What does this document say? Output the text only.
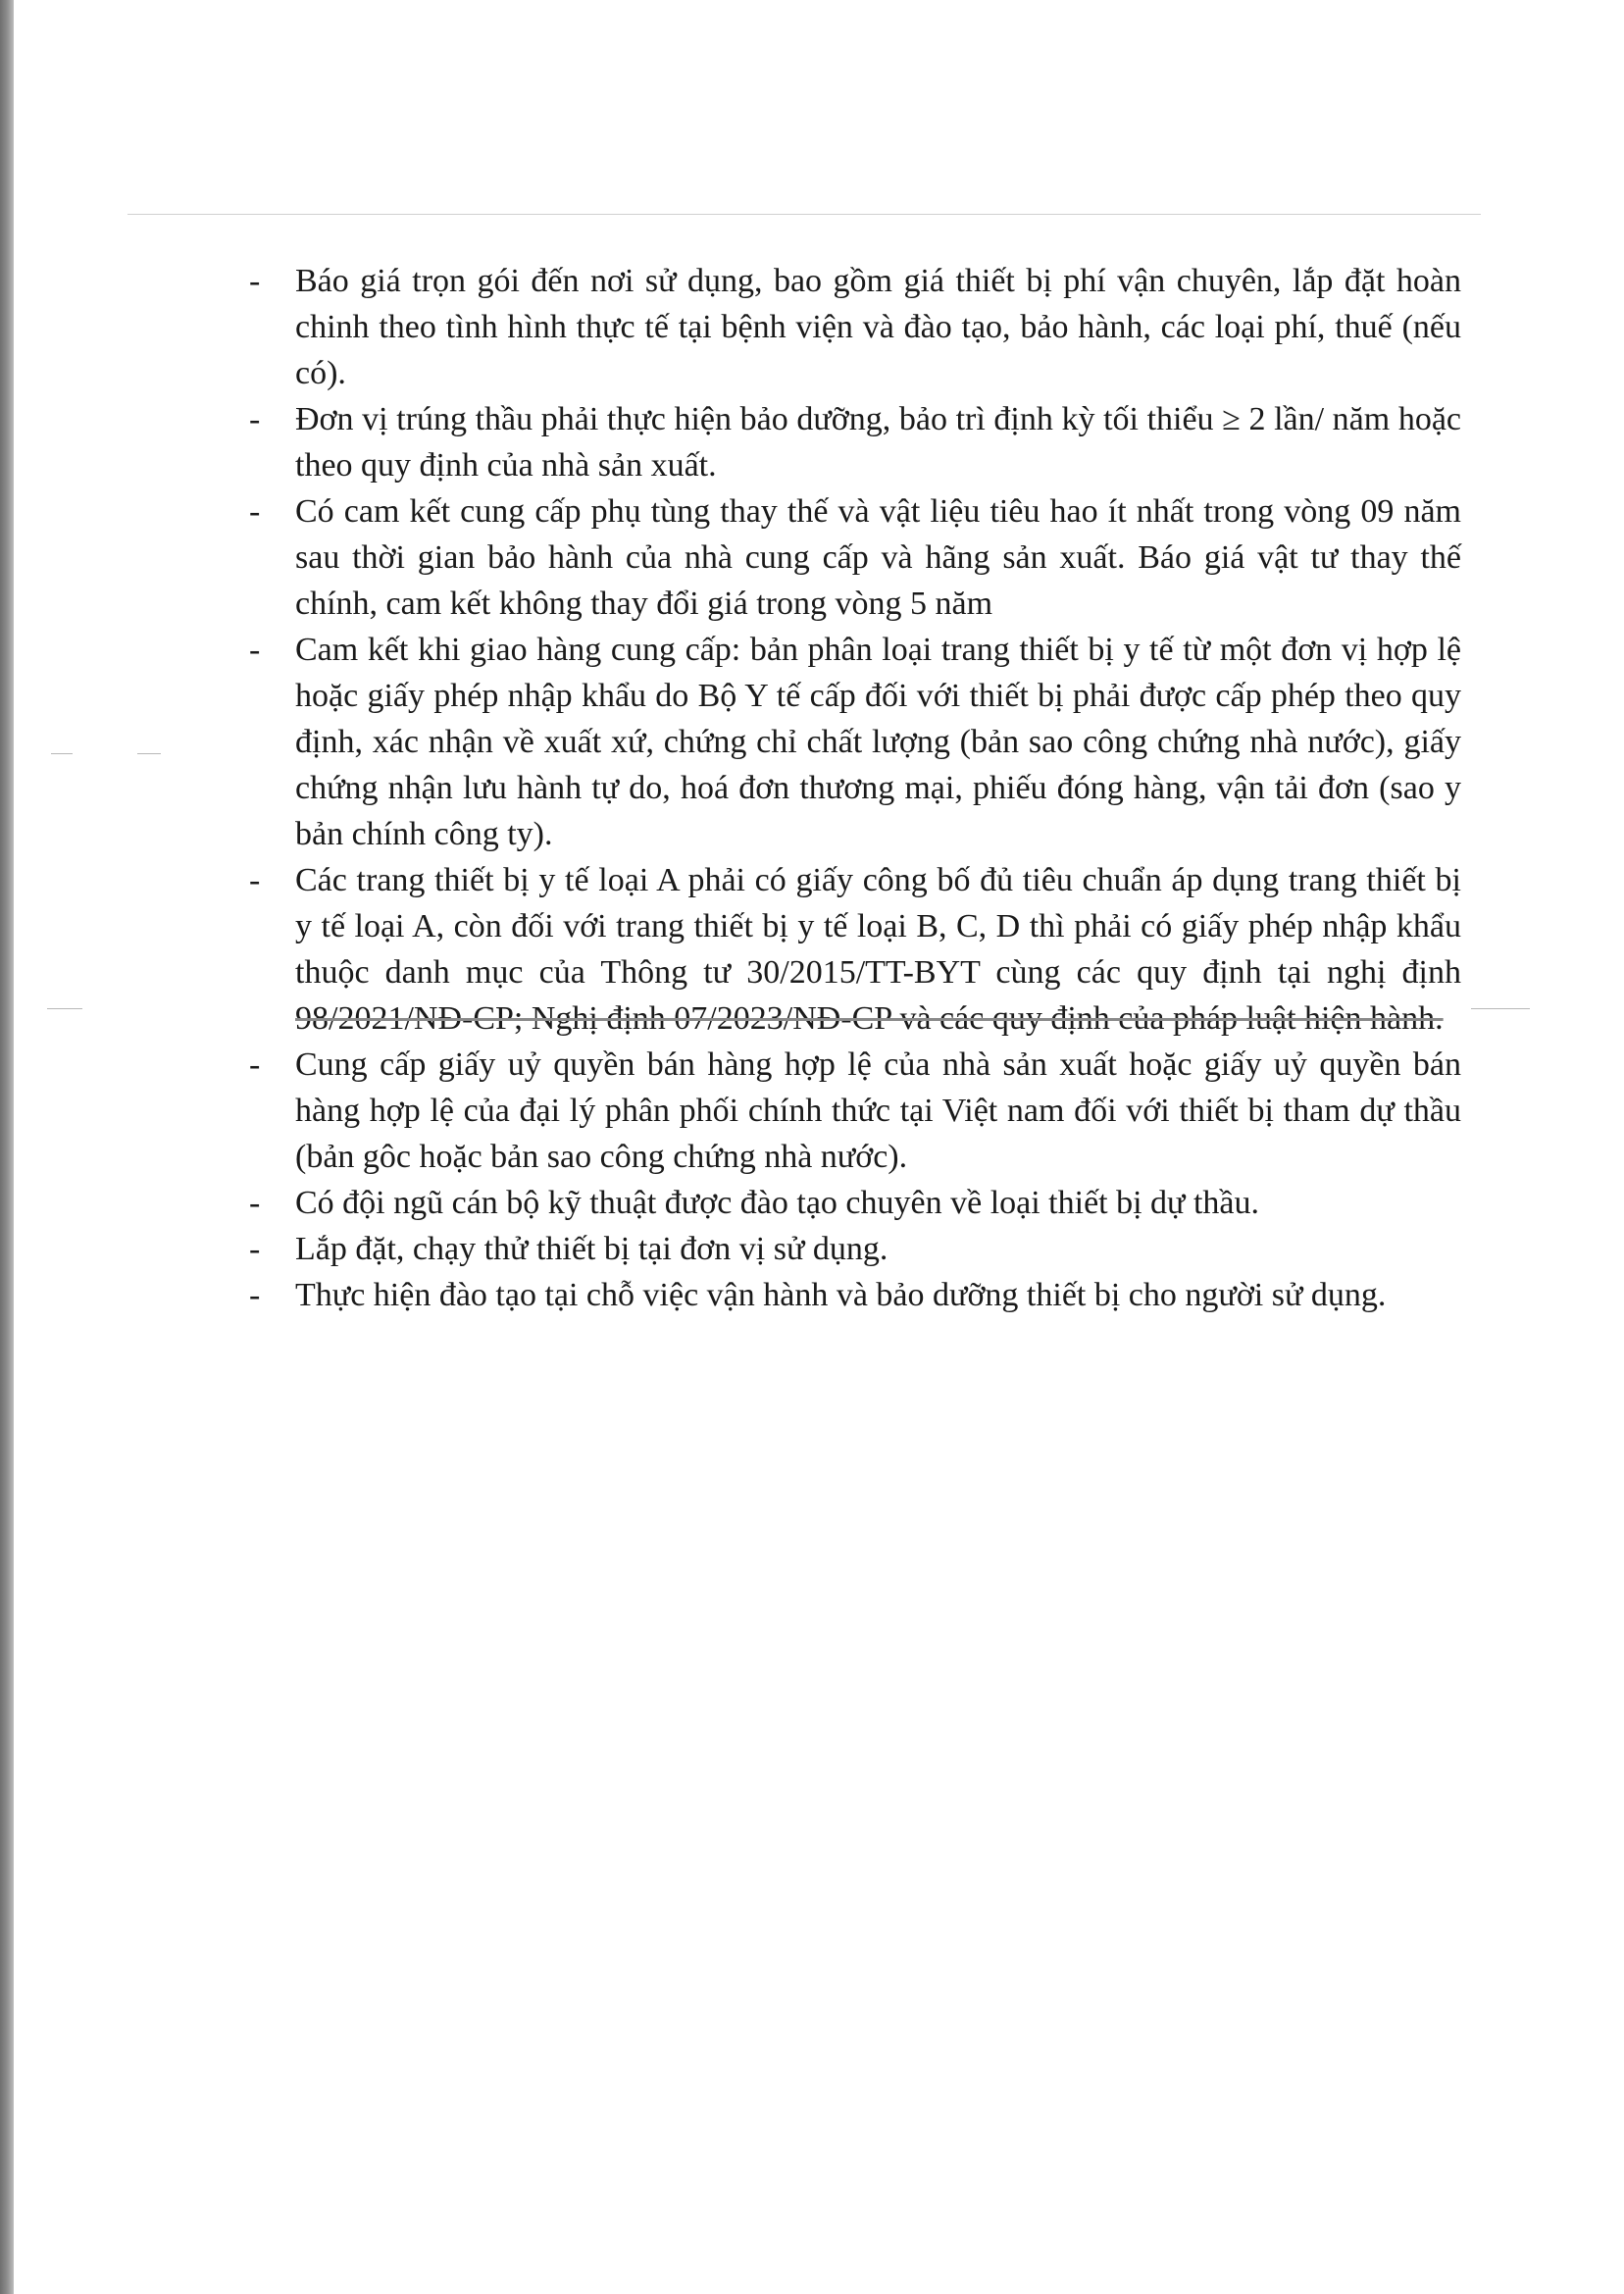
-	Báo giá trọn gói đến nơi sử dụng, bao gồm giá thiết bị phí vận chuyên, lắp đặt hoàn chinh theo tình hình thực tế tại bệnh viện và đào tạo, bảo hành, các loại phí, thuế (nếu có).
-	Đơn vị trúng thầu phải thực hiện bảo dưỡng, bảo trì định kỳ tối thiểu ≥ 2 lần/ năm hoặc theo quy định của nhà sản xuất.
-	Có cam kết cung cấp phụ tùng thay thế và vật liệu tiêu hao ít nhất trong vòng 09 năm sau thời gian bảo hành của nhà cung cấp và hãng sản xuất. Báo giá vật tư thay thế chính, cam kết không thay đổi giá trong vòng 5 năm
-	Cam kết khi giao hàng cung cấp: bản phân loại trang thiết bị y tế từ một đơn vị hợp lệ hoặc giấy phép nhập khẩu do Bộ Y tế cấp đối với thiết bị phải được cấp phép theo quy định, xác nhận về xuất xứ, chứng chỉ chất lượng (bản sao công chứng nhà nước), giấy chứng nhận lưu hành tự do, hoá đơn thương mại, phiếu đóng hàng, vận tải đơn (sao y bản chính công ty).
-	Các trang thiết bị y tế loại A phải có giấy công bố đủ tiêu chuẩn áp dụng trang thiết bị y tế loại A, còn đối với trang thiết bị y tế loại B, C, D thì phải có giấy phép nhập khẩu thuộc danh mục của Thông tư 30/2015/TT-BYT cùng các quy định tại nghị định 98/2021/NĐ-CP; Nghị định 07/2023/NĐ-CP và các quy định của pháp luật hiện hành.
-	Cung cấp giấy uỷ quyền bán hàng hợp lệ của nhà sản xuất hoặc giấy uỷ quyền bán hàng hợp lệ của đại lý phân phối chính thức tại Việt nam đối với thiết bị tham dự thầu (bản gôc hoặc bản sao công chứng nhà nước).
-	Có đội ngũ cán bộ kỹ thuật được đào tạo chuyên về loại thiết bị dự thầu.
-	Lắp đặt, chạy thử thiết bị tại đơn vị sử dụng.
-	Thực hiện đào tạo tại chỗ việc vận hành và bảo dưỡng thiết bị cho người sử dụng.
